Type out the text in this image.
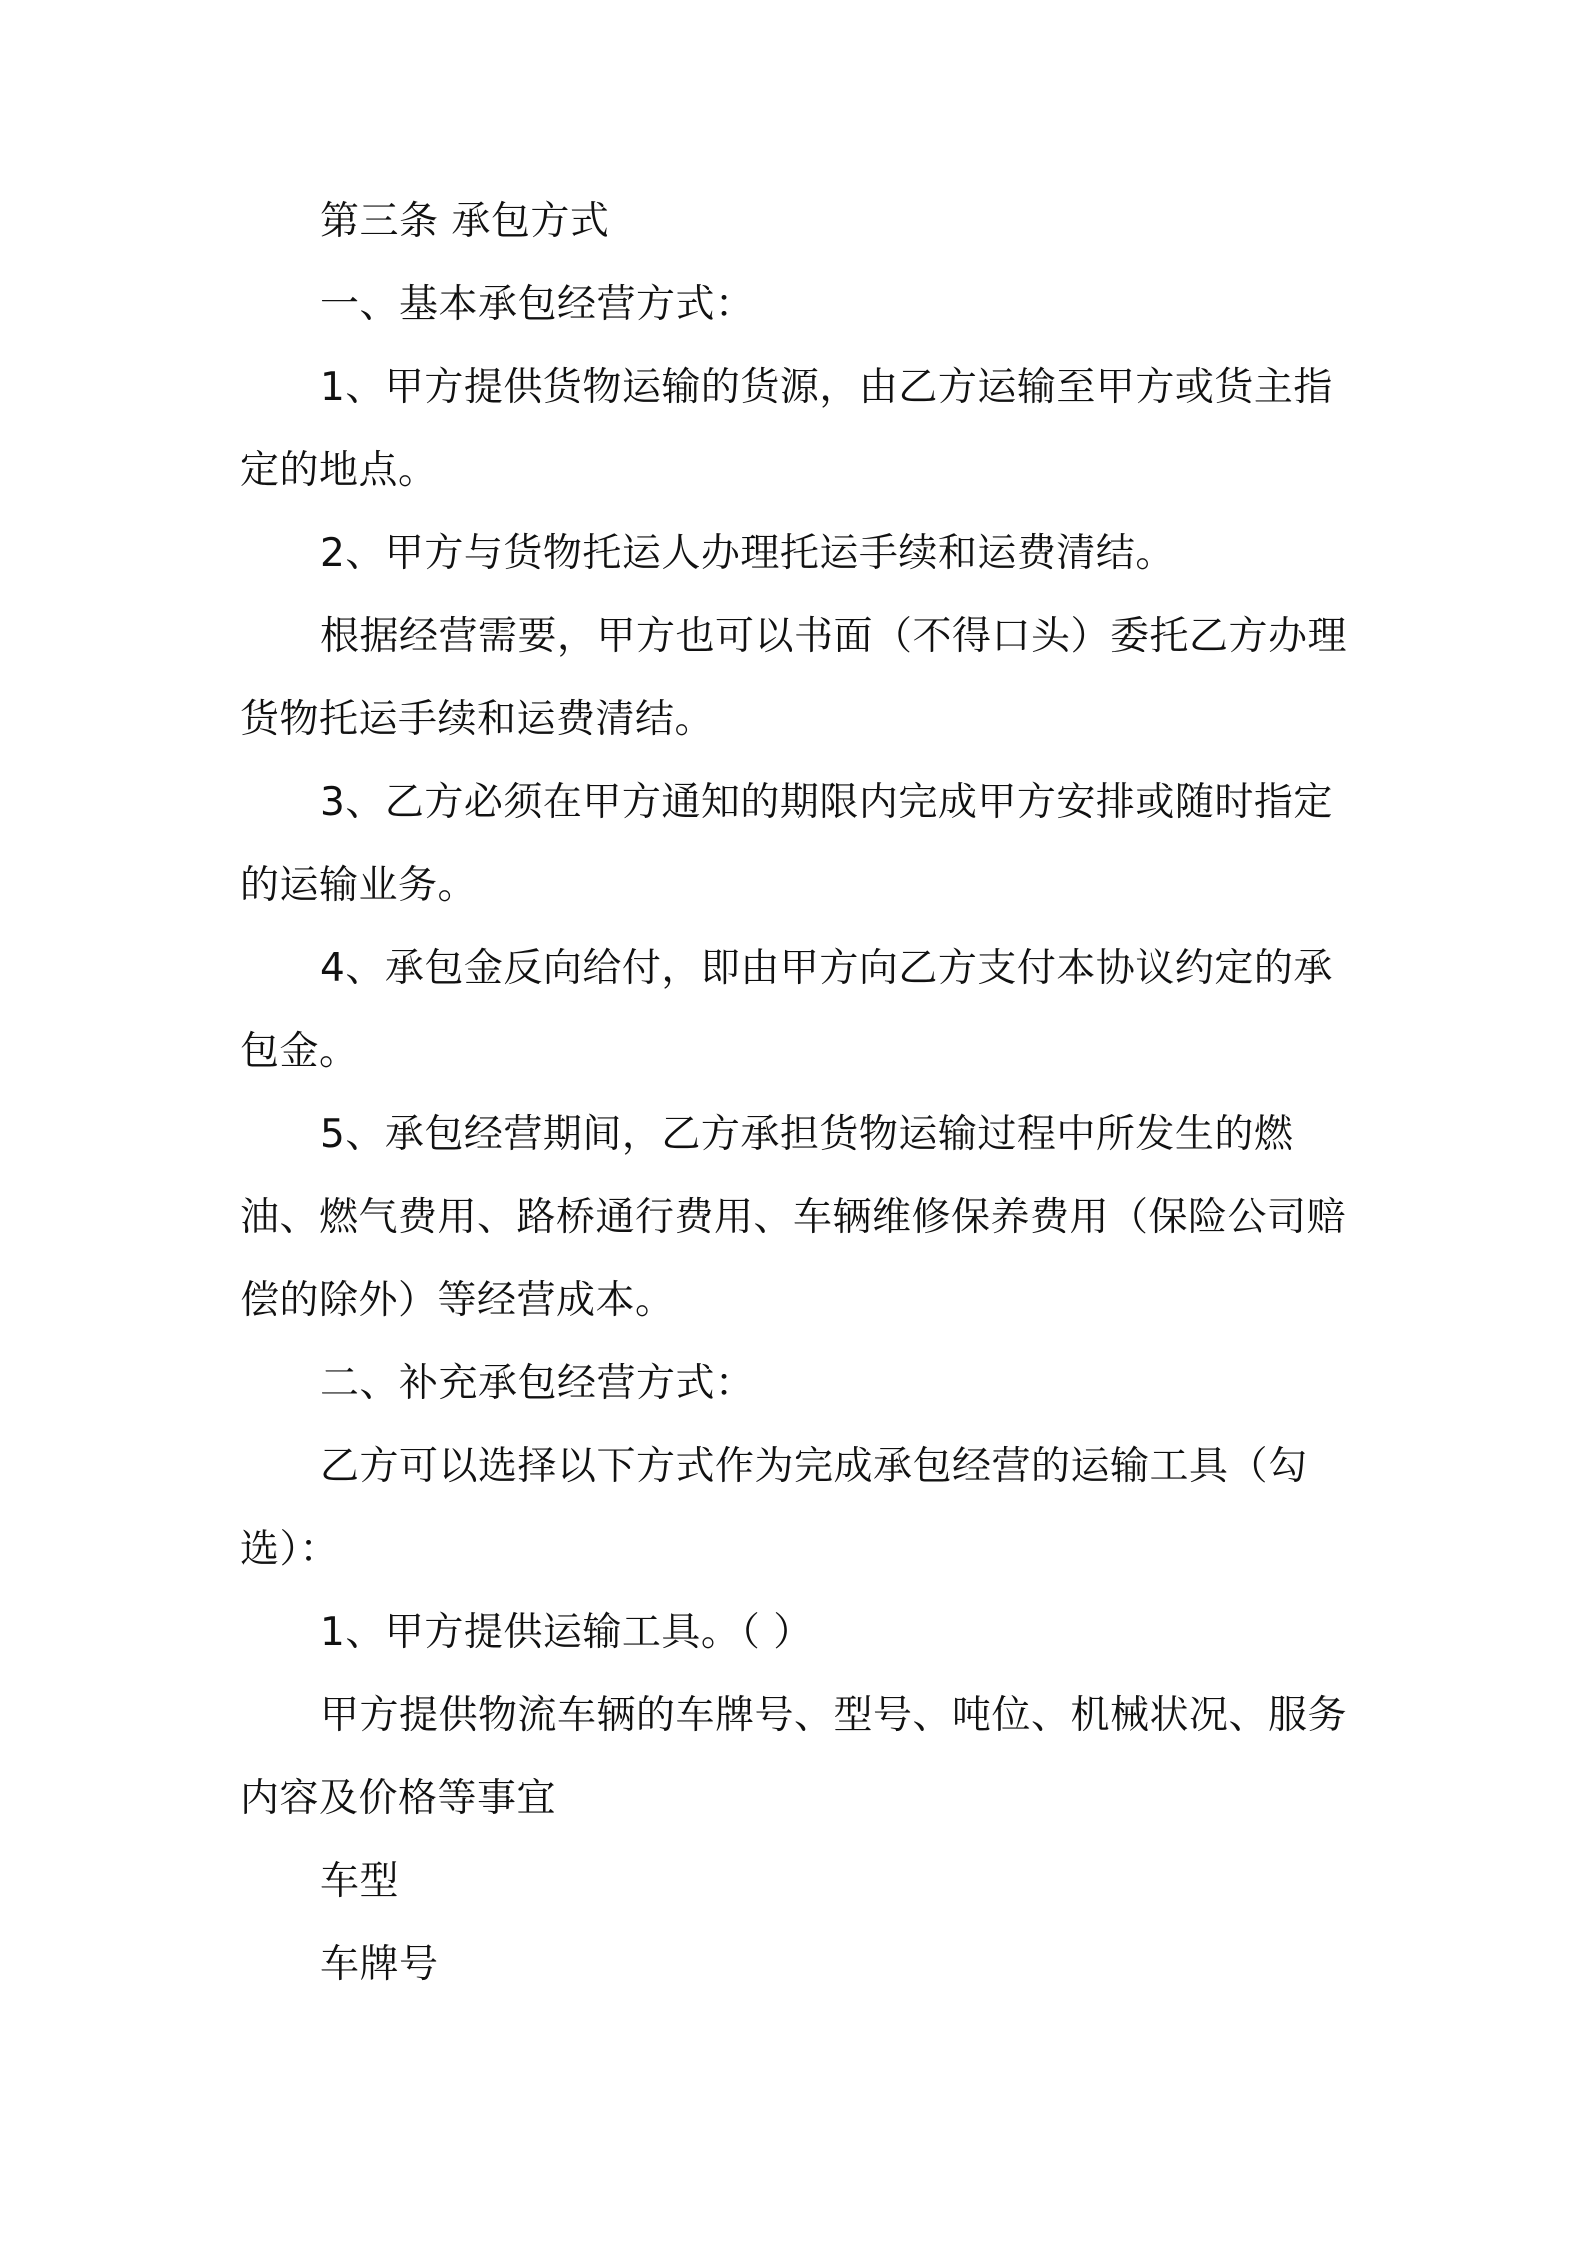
第三条 承包方式

一、基本承包经营方式：

1、甲方提供货物运输的货源，由乙方运输至甲方或货主指定的地点。

2、甲方与货物托运人办理托运手续和运费清结。

根据经营需要，甲方也可以书面（不得口头）委托乙方办理货物托运手续和运费清结。

3、乙方必须在甲方通知的期限内完成甲方安排或随时指定的运输业务。

4、承包金反向给付，即由甲方向乙方支付本协议约定的承包金。

5、承包经营期间，乙方承担货物运输过程中所发生的燃油、燃气费用、路桥通行费用、车辆维修保养费用（保险公司赔偿的除外）等经营成本。

二、补充承包经营方式：

乙方可以选择以下方式作为完成承包经营的运输工具（勾选）：

1、甲方提供运输工具。（ ）

甲方提供物流车辆的车牌号、型号、吨位、机械状况、服务内容及价格等事宜

车型

车牌号
